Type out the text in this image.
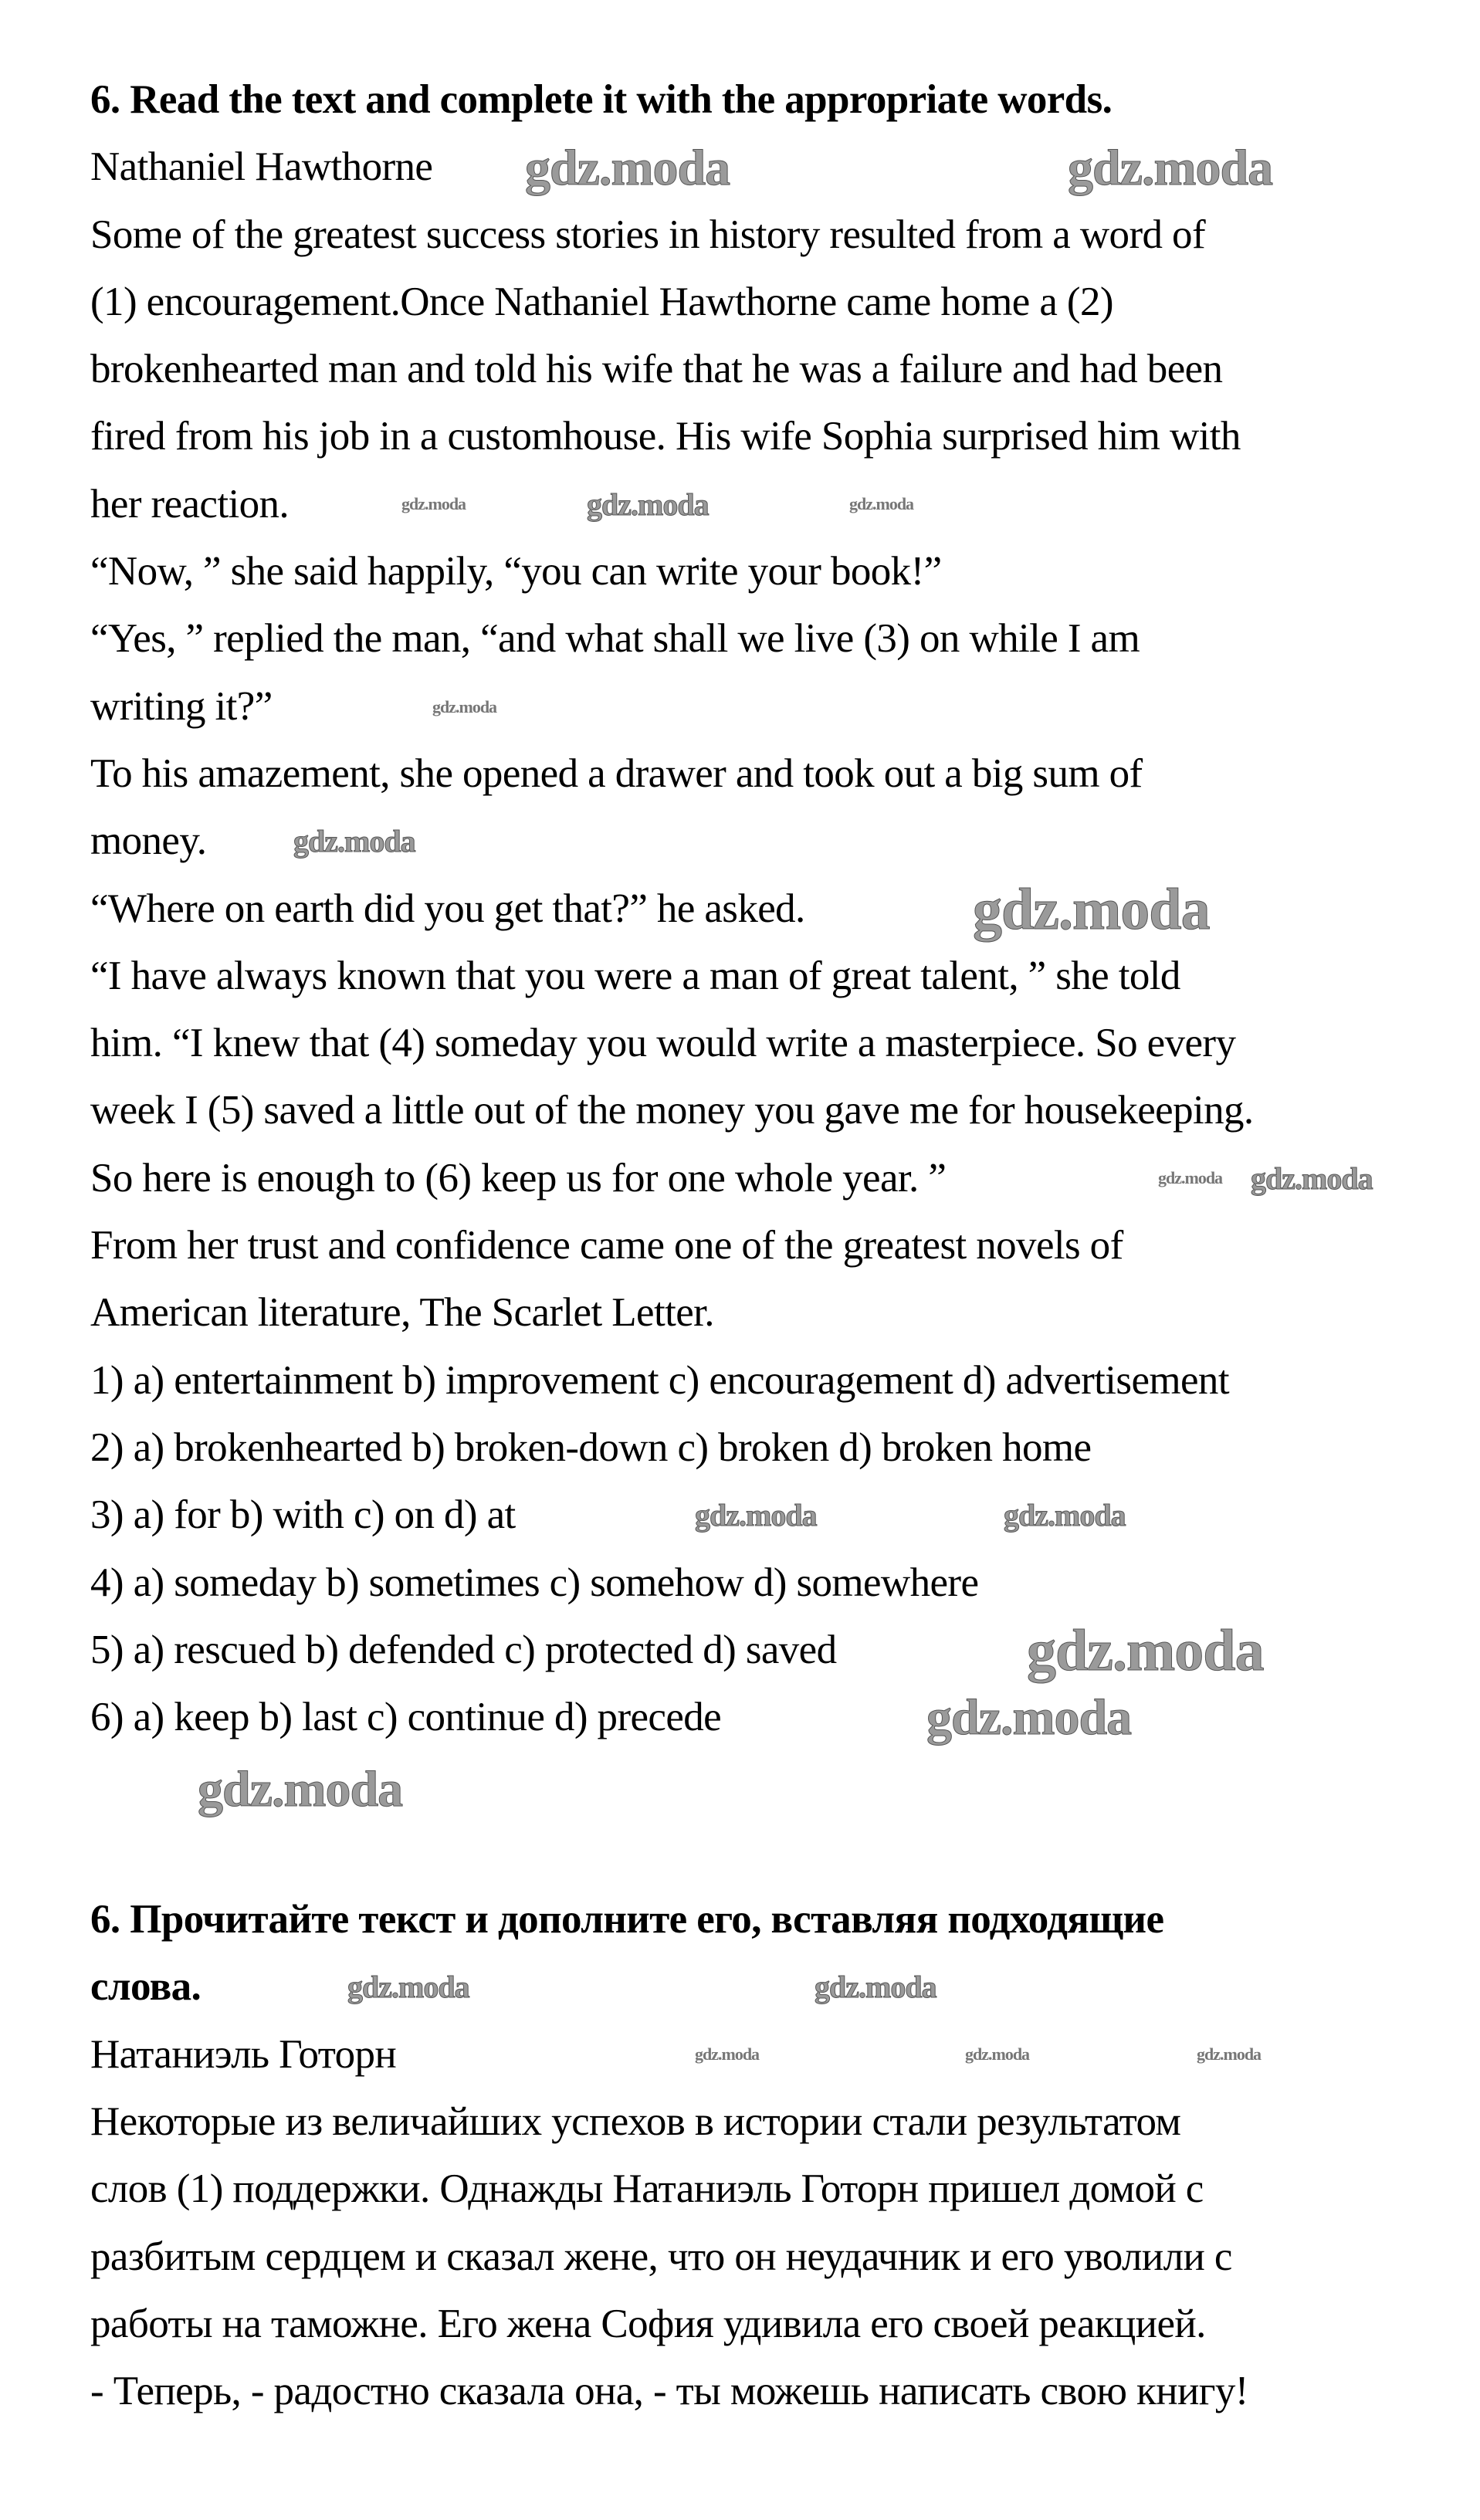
6. Read the text and complete it with the appropriate words.
Nathaniel Hawthorne
Some of the greatest success stories in history resulted from a word of
(1) encouragement.Once Nathaniel Hawthorne came home a (2)
brokenhearted man and told his wife that he was a failure and had been
fired from his job in a customhouse. His wife Sophia surprised him with
her reaction.
“Now, ” she said happily, “you can write your book!”
“Yes, ” replied the man, “and what shall we live (3) on while I am
writing it?”
To his amazement, she opened a drawer and took out a big sum of
money.
“Where on earth did you get that?” he asked.
“I have always known that you were a man of great talent, ” she told
him. “I knew that (4) someday you would write a masterpiece. So every
week I (5) saved a little out of the money you gave me for housekeeping.
So here is enough to (6) keep us for one whole year. ”
From her trust and confidence came one of the greatest novels of
American literature, The Scarlet Letter.
1) a) entertainment b) improvement c) encouragement d) advertisement
2) a) brokenhearted b) broken-down c) broken d) broken home
3) a) for b) with c) on d) at
4) a) someday b) sometimes c) somehow d) somewhere
5) a) rescued b) defended c) protected d) saved
6) a) keep b) last c) continue d) precede
6. Прочитайте текст и дополните его, вставляя подходящие
слова.
Натаниэль Готорн
Некоторые из величайших успехов в истории стали результатом
слов (1) поддержки. Однажды Натаниэль Готорн пришел домой с
разбитым сердцем и сказал жене, что он неудачник и его уволили с
работы на таможне. Его жена София удивила его своей реакцией.
- Теперь, - радостно сказала она, - ты можешь написать свою книгу!
gdz.moda	gdz.moda
gdz.moda	gdz.moda	gdz.moda
gdz.moda
gdz.moda
gdz.moda
gdz.moda gdz.moda
gdz.moda	gdz.moda
gdz.moda
gdz.moda
gdz.moda
gdz.moda	gdz.moda
gdz.moda	gdz.moda	gdz.moda
